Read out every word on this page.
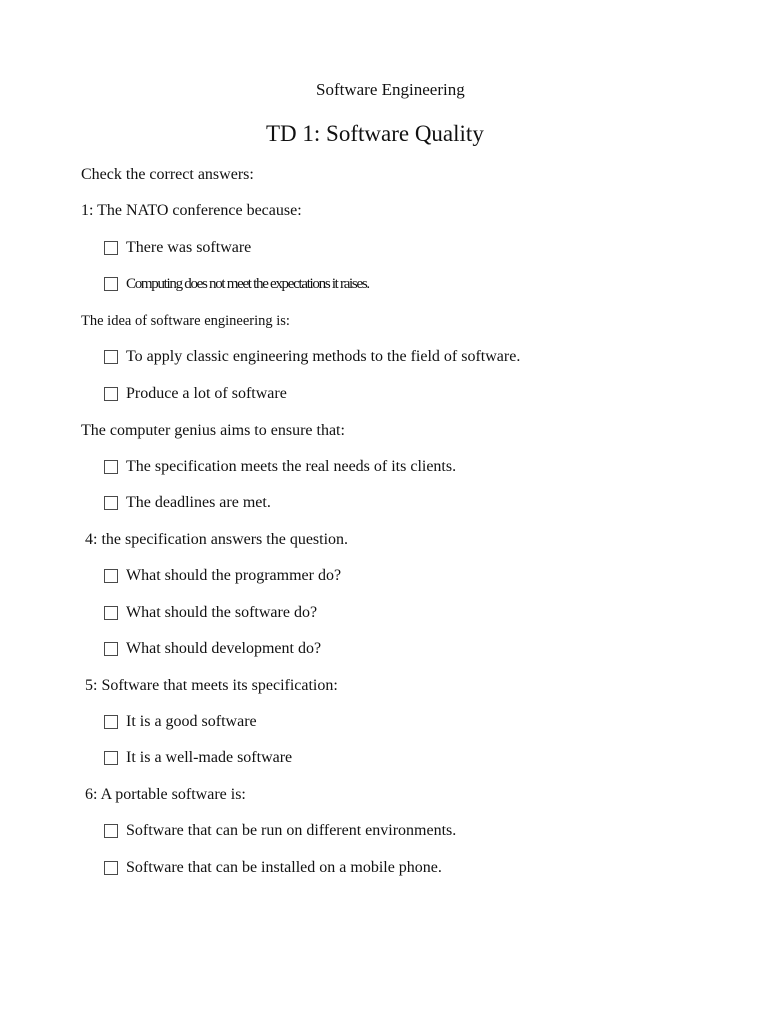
Software Engineering
TD 1: Software Quality
Check the correct answers:
1: The NATO conference because:
There was software
Computing does not meet the expectations it raises.
The idea of software engineering is:
To apply classic engineering methods to the field of software.
Produce a lot of software
The computer genius aims to ensure that:
The specification meets the real needs of its clients.
The deadlines are met.
4: the specification answers the question.
What should the programmer do?
What should the software do?
What should development do?
5: Software that meets its specification:
It is a good software
It is a well-made software
6: A portable software is:
Software that can be run on different environments.
Software that can be installed on a mobile phone.
